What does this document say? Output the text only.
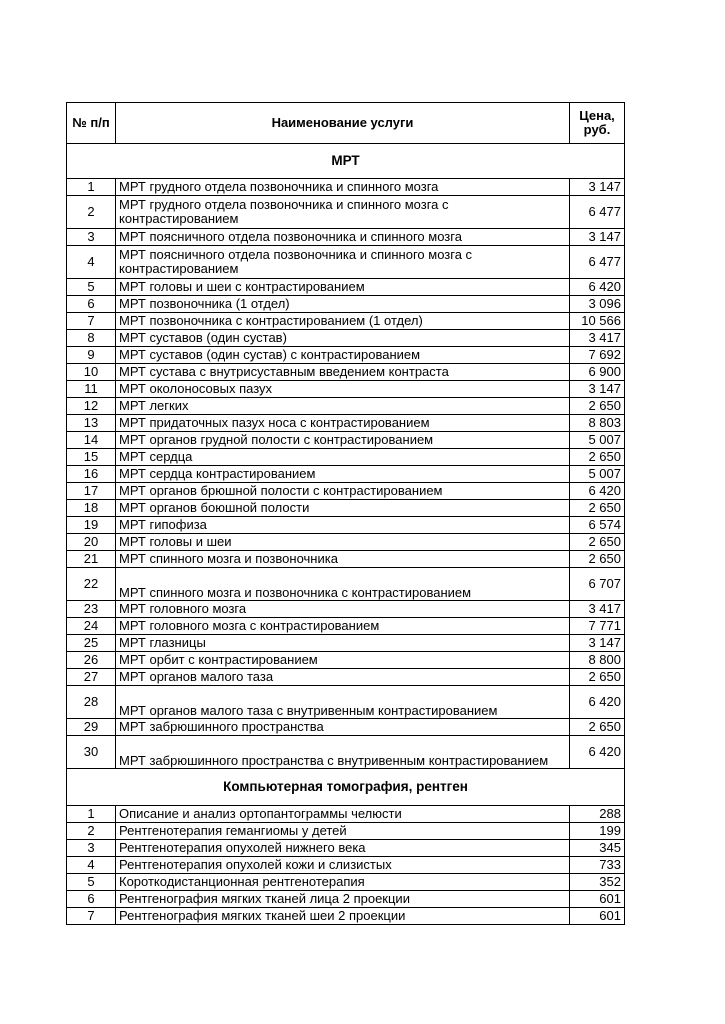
№ п/п	Наименование услуги	Цена, руб.
МРТ		
1	МРТ грудного отдела позвоночника и спинного мозга	3 147
2	МРТ грудного отдела позвоночника и спинного мозга с контрастированием	6 477
3	МРТ поясничного отдела позвоночника и спинного мозга	3 147
4	МРТ поясничного отдела позвоночника и спинного мозга с контрастированием	6 477
5	МРТ головы и шеи с контрастированием	6 420
6	МРТ позвоночника (1 отдел)	3 096
7	МРТ позвоночника с контрастированием (1 отдел)	10 566
8	МРТ суставов (один сустав)	3 417
9	МРТ суставов (один сустав) с контрастированием	7 692
10	МРТ сустава с внутрисуставным введением контраста	6 900
11	МРТ околоносовых пазух	3 147
12	МРТ легких	2 650
13	МРТ придаточных пазух носа с контрастированием	8 803
14	МРТ органов грудной полости с контрастированием	5 007
15	МРТ сердца	2 650
16	МРТ сердца контрастированием	5 007
17	МРТ органов брюшной полости с контрастированием	6 420
18	МРТ органов боюшной полости	2 650
19	МРТ гипофиза	6 574
20	МРТ головы и шеи	2 650
21	МРТ спинного мозга и позвоночника	2 650
22	МРТ спинного мозга и позвоночника с контрастированием	6 707
23	МРТ головного мозга	3 417
24	МРТ головного мозга с контрастированием	7 771
25	МРТ глазницы	3 147
26	МРТ орбит с контрастированием	8 800
27	МРТ органов малого таза	2 650
28	МРТ органов малого таза с внутривенным контрастированием	6 420
29	МРТ забрюшинного пространства	2 650
30	МРТ забрюшинного пространства с внутривенным контрастированием	6 420
Компьютерная томография, рентген		
1	Описание и анализ ортопантограммы челюсти	288
2	Рентгенотерапия гемангиомы у детей	199
3	Рентгенотерапия опухолей нижнего века	345
4	Рентгенотерапия опухолей кожи и слизистых	733
5	Короткодистанционная рентгенотерапия	352
6	Рентгенография мягких тканей лица 2 проекции	601
7	Рентгенография мягких тканей шеи 2 проекции	601
